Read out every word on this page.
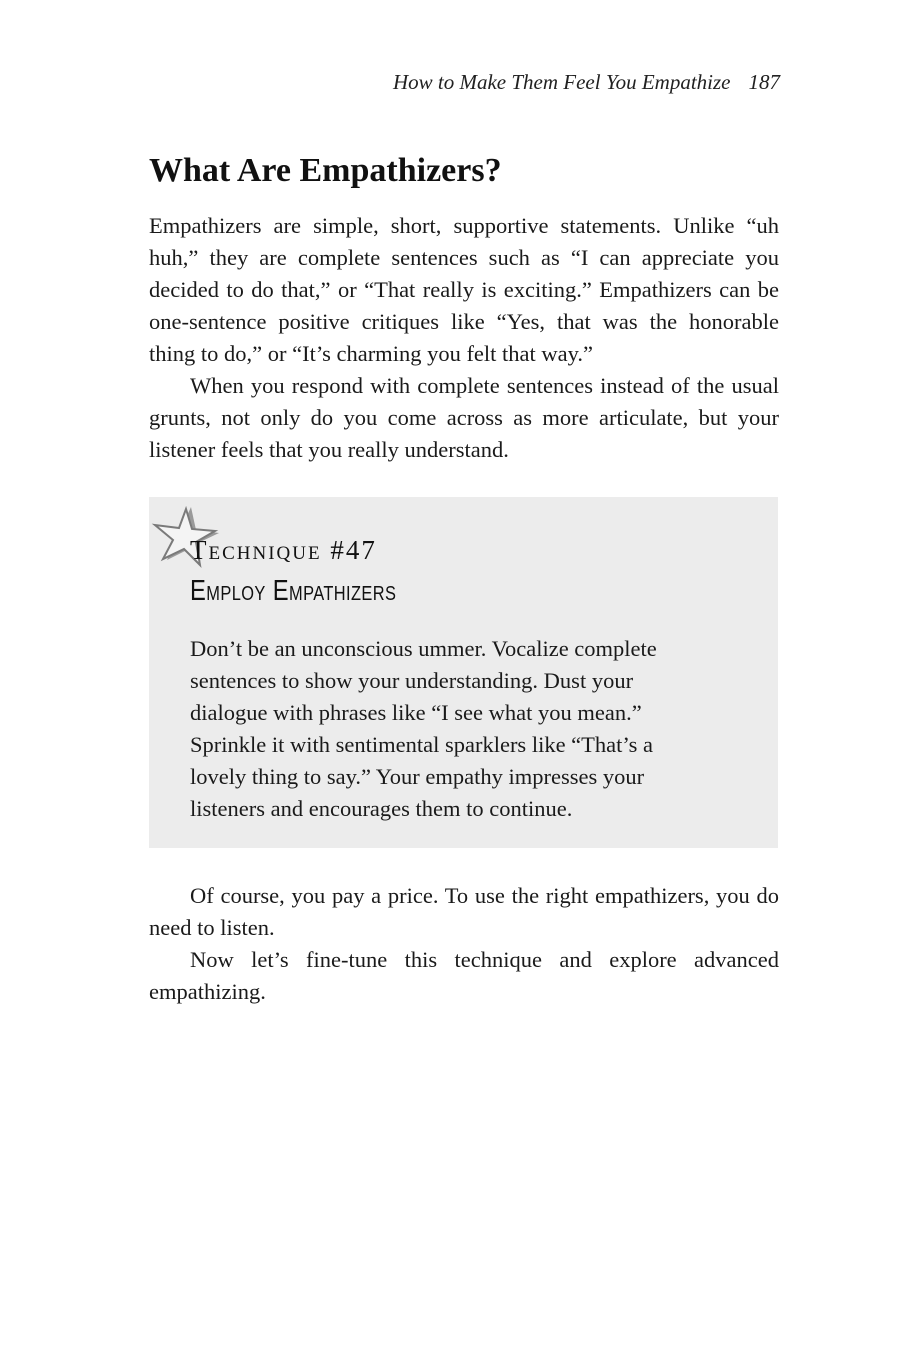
How to Make Them Feel You Empathize 187
What Are Empathizers?

Empathizers are simple, short, supportive statements. Unlike “uh huh,” they are complete sentences such as “I can appreciate you decided to do that,” or “That really is exciting.” Empathizers can be one-sentence positive critiques like “Yes, that was the honorable thing to do,” or “It’s charming you felt that way.”

When you respond with complete sentences instead of the usual grunts, not only do you come across as more articulate, but your listener feels that you really understand.

Technique #47
Employ Empathizers
Don’t be an unconscious ummer. Vocalize complete sentences to show your understanding. Dust your dialogue with phrases like “I see what you mean.” Sprinkle it with sentimental sparklers like “That’s a lovely thing to say.” Your empathy impresses your listeners and encourages them to continue.

Of course, you pay a price. To use the right empathizers, you do need to listen.

Now let’s fine-tune this technique and explore advanced empathizing.
